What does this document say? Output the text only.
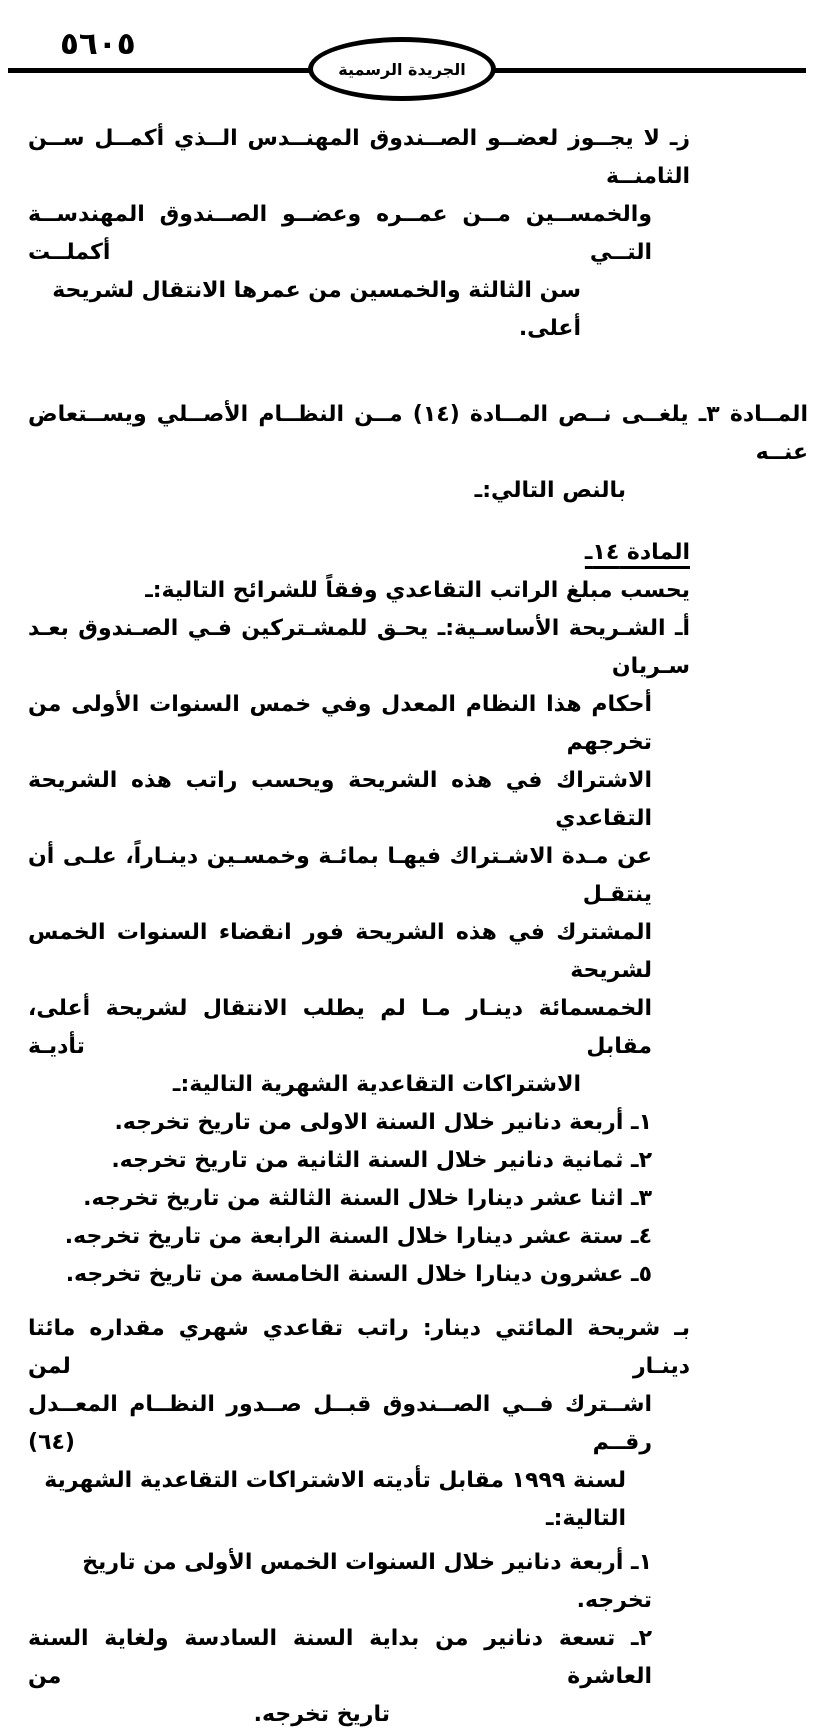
٥٦٠٥
الجريدة الرسمية
زـ لا يجــوز لعضــو الصــندوق المهنــدس الــذي أكمــل ســن الثامنــة
والخمســين مــن عمــره وعضــو الصــندوق المهندســة التــي أكملــت
سن الثالثة والخمسين من عمرها الانتقال لشريحة أعلى.
المــادة ٣ـ يلغــى نــص المــادة (١٤) مــن النظــام الأصــلي ويســتعاض عنــه
بالنص التالي:ـ
المادة ١٤ـ
يحسب مبلغ الراتب التقاعدي وفقاً للشرائح التالية:ـ
أـ الشـريحة الأساسـية:ـ يحـق للمشـتركين فـي الصـندوق بعـد سـريان
أحكام هذا النظام المعدل وفي خمس السنوات الأولى من تخرجهم
الاشتراك في هذه الشريحة ويحسب راتب هذه الشريحة التقاعدي
عن مـدة الاشـتراك فيهـا بمائـة وخمسـين دينـاراً، علـى أن ينتقـل
المشترك في هذه الشريحة فور انقضاء السنوات الخمس لشريحة
الخمسمائة دينـار مـا لم يطلب الانتقال لشريحة أعلى، مقابل تأديـة
الاشتراكات التقاعدية الشهرية التالية:ـ
١ـ أربعة دنانير خلال السنة الاولى من تاريخ تخرجه.
٢ـ ثمانية دنانير خلال السنة الثانية من تاريخ تخرجه.
٣ـ اثنا عشر دينارا خلال السنة الثالثة من تاريخ تخرجه.
٤ـ ستة عشر دينارا خلال السنة الرابعة من تاريخ تخرجه.
٥ـ عشرون دينارا خلال السنة الخامسة من تاريخ تخرجه.
بـ شريحة المائتي دينار: راتب تقاعدي شهري مقداره مائتا دينـار لمن
اشــترك فــي الصــندوق قبــل صــدور النظــام المعــدل رقــم (٦٤)
لسنة ١٩٩٩ مقابل تأديته الاشتراكات التقاعدية الشهرية التالية:ـ
١ـ أربعة دنانير خلال السنوات الخمس الأولى من تاريخ تخرجه.
٢ـ تسعة دنانير من بداية السنة السادسة ولغاية السنة العاشرة من
تاريخ تخرجه.
